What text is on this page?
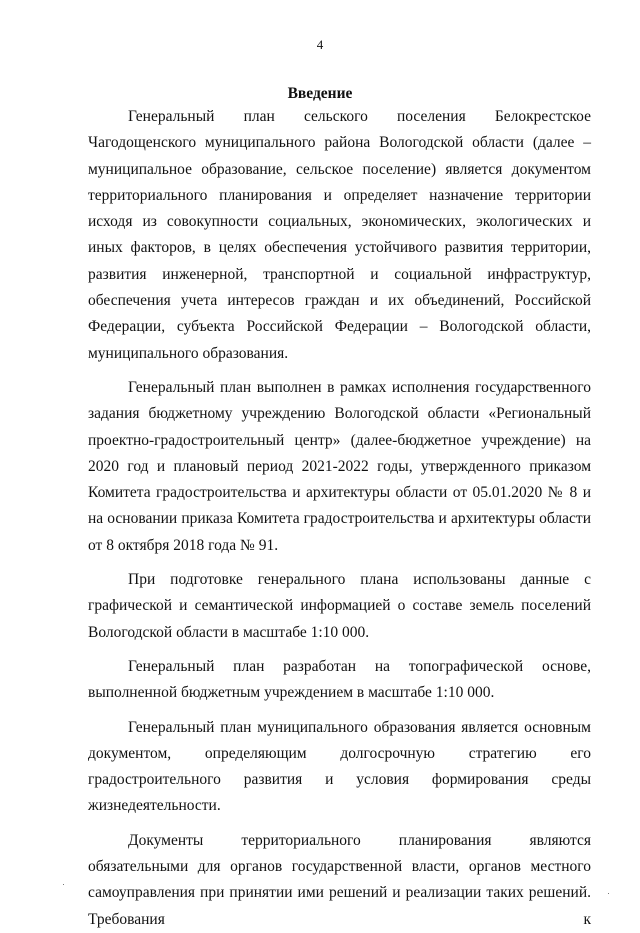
4
Введение

Генеральный план сельского поселения Белокрестское Чагодощенского муниципального района Вологодской области (далее – муниципальное образование, сельское поселение) является документом территориального планирования и определяет назначение территории исходя из совокупности социальных, экономических, экологических и иных факторов, в целях обеспечения устойчивого развития территории, развития инженерной, транспортной и социальной инфраструктур, обеспечения учета интересов граждан и их объединений, Российской Федерации, субъекта Российской Федерации – Вологодской области, муниципального образования.

Генеральный план выполнен в рамках исполнения государственного задания бюджетному учреждению Вологодской области «Региональный проектно-градостроительный центр» (далее-бюджетное учреждение) на 2020 год и плановый период 2021-2022 годы, утвержденного приказом Комитета градостроительства и архитектуры области от 05.01.2020 № 8 и на основании приказа Комитета градостроительства и архитектуры области от 8 октября 2018 года № 91.

При подготовке генерального плана использованы данные с графической и семантической информацией о составе земель поселений Вологодской области в масштабе 1:10 000.

Генеральный план разработан на топографической основе, выполненной бюджетным учреждением в масштабе 1:10 000.

Генеральный план муниципального образования является основным документом, определяющим долгосрочную стратегию его градостроительного развития и условия формирования среды жизнедеятельности.

Документы территориального планирования являются обязательными для органов государственной власти, органов местного самоуправления при принятии ими решений и реализации таких решений. Требования к
